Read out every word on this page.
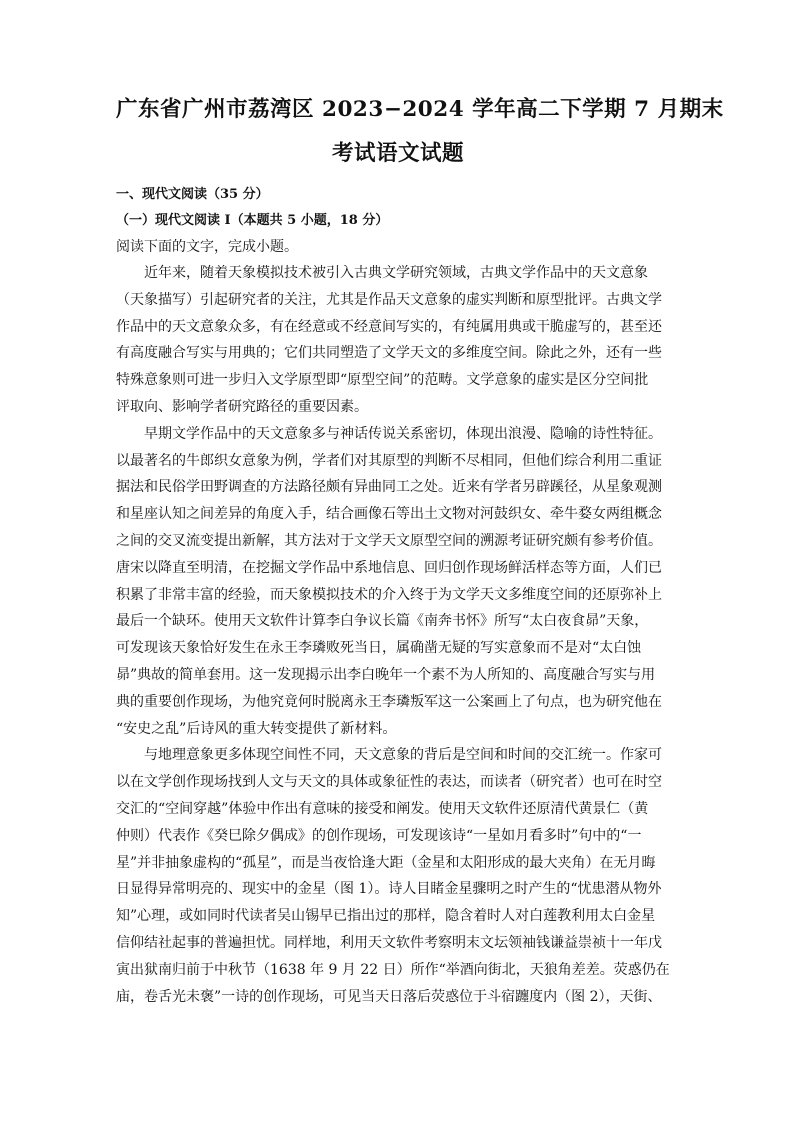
广东省广州市荔湾区 2023−2024 学年高二下学期 7 月期末
考试语文试题
一、现代文阅读（35 分）
（一）现代文阅读 I（本题共 5 小题，18 分）
阅读下面的文字，完成小题。
近年来，随着天象模拟技术被引入古典文学研究领域，古典文学作品中的天文意象
（天象描写）引起研究者的关注，尤其是作品天文意象的虚实判断和原型批评。古典文学
作品中的天文意象众多，有在经意或不经意间写实的，有纯属用典或干脆虚写的，甚至还
有高度融合写实与用典的；它们共同塑造了文学天文的多维度空间。除此之外，还有一些
特殊意象则可进一步归入文学原型即“原型空间”的范畴。文学意象的虚实是区分空间批
评取向、影响学者研究路径的重要因素。
早期文学作品中的天文意象多与神话传说关系密切，体现出浪漫、隐喻的诗性特征。
以最著名的牛郎织女意象为例，学者们对其原型的判断不尽相同，但他们综合利用二重证
据法和民俗学田野调查的方法路径颇有异曲同工之处。近来有学者另辟蹊径，从星象观测
和星座认知之间差异的角度入手，结合画像石等出土文物对河鼓织女、牵牛婺女两组概念
之间的交叉流变提出新解，其方法对于文学天文原型空间的溯源考证研究颇有参考价值。
唐宋以降直至明清，在挖掘文学作品中系地信息、回归创作现场鲜活样态等方面，人们已
积累了非常丰富的经验，而天象模拟技术的介入终于为文学天文多维度空间的还原弥补上
最后一个缺环。使用天文软件计算李白争议长篇《南奔书怀》所写“太白夜食昴”天象，
可发现该天象恰好发生在永王李璘败死当日，属确凿无疑的写实意象而不是对“太白蚀
昴”典故的简单套用。这一发现揭示出李白晚年一个素不为人所知的、高度融合写实与用
典的重要创作现场，为他究竟何时脱离永王李璘叛军这一公案画上了句点，也为研究他在
“安史之乱”后诗风的重大转变提供了新材料。
与地理意象更多体现空间性不同，天文意象的背后是空间和时间的交汇统一。作家可
以在文学创作现场找到人文与天文的具体或象征性的表达，而读者（研究者）也可在时空
交汇的“空间穿越”体验中作出有意味的接受和阐发。使用天文软件还原清代黄景仁（黄
仲则）代表作《癸巳除夕偶成》的创作现场，可发现该诗“一星如月看多时”句中的“一
星”并非抽象虚构的“孤星”，而是当夜恰逢大距（金星和太阳形成的最大夹角）在无月晦
日显得异常明亮的、现实中的金星（图 1）。诗人目睹金星骤明之时产生的“忧患潜从物外
知”心理，或如同时代读者吴山锡早已指出过的那样，隐含着时人对白莲教利用太白金星
信仰结社起事的普遍担忧。同样地，利用天文软件考察明末文坛领袖钱谦益崇祯十一年戊
寅出狱南归前于中秋节（1638 年 9 月 22 日）所作“举酒向街北，天狼角差差。荧惑仍在
庙，卷舌光未褒”一诗的创作现场，可见当天日落后荧惑位于斗宿躔度内（图 2），天街、
